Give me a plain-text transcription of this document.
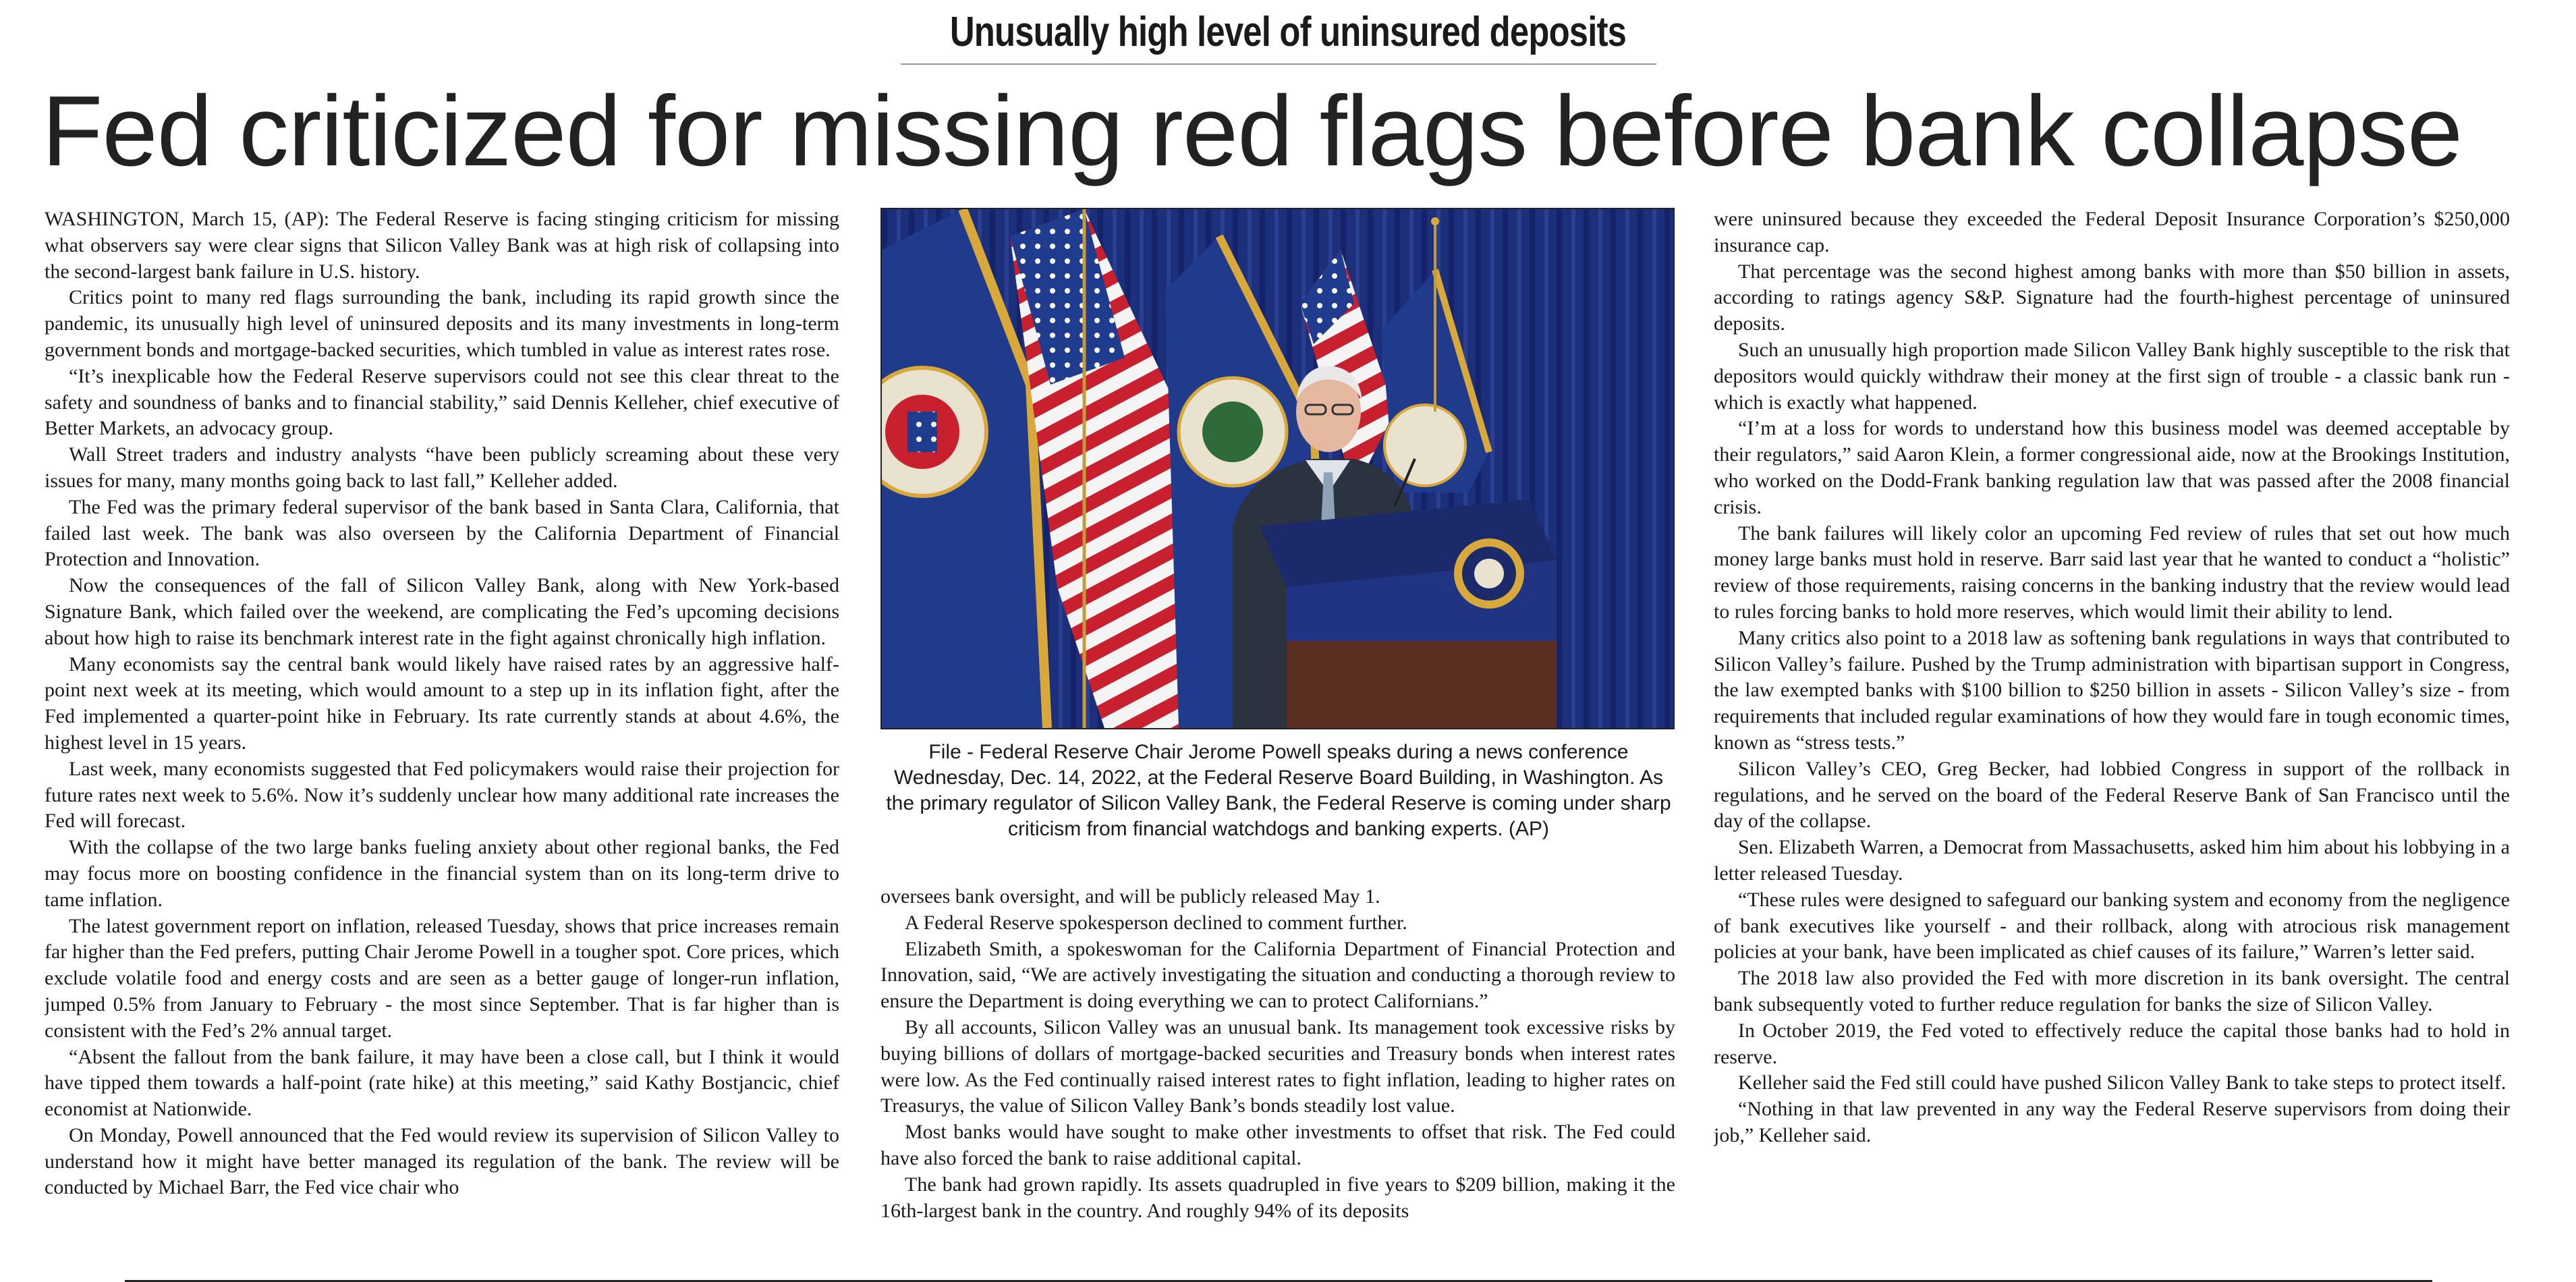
Unusually high level of uninsured deposits
Fed criticized for missing red flags before bank collapse

WASHINGTON, March 15, (AP): The Federal Reserve is facing stinging criticism for missing what observers say were clear signs that Silicon Valley Bank was at high risk of collapsing into the second-largest bank failure in U.S. history.

Critics point to many red flags surrounding the bank, including its rapid growth since the pandemic, its unusually high level of uninsured deposits and its many investments in long-term government bonds and mortgage-backed securities, which tumbled in value as interest rates rose.

“It’s inexplicable how the Federal Reserve supervisors could not see this clear threat to the safety and soundness of banks and to financial stability,” said Dennis Kelleher, chief executive of Better Markets, an advocacy group.

Wall Street traders and industry analysts “have been publicly screaming about these very issues for many, many months going back to last fall,” Kelleher added.

The Fed was the primary federal supervisor of the bank based in Santa Clara, California, that failed last week. The bank was also overseen by the California Department of Financial Protection and Innovation.

Now the consequences of the fall of Silicon Valley Bank, along with New York-based Signature Bank, which failed over the weekend, are complicating the Fed’s upcoming decisions about how high to raise its benchmark interest rate in the fight against chronically high inflation.

Many economists say the central bank would likely have raised rates by an aggressive half-point next week at its meeting, which would amount to a step up in its inflation fight, after the Fed implemented a quarter-point hike in February. Its rate currently stands at about 4.6%, the highest level in 15 years.

Last week, many economists suggested that Fed policymakers would raise their projection for future rates next week to 5.6%. Now it’s suddenly unclear how many additional rate increases the Fed will forecast.

With the collapse of the two large banks fueling anxiety about other regional banks, the Fed may focus more on boosting confidence in the financial system than on its long-term drive to tame inflation.

The latest government report on inflation, released Tuesday, shows that price increases remain far higher than the Fed prefers, putting Chair Jerome Powell in a tougher spot. Core prices, which exclude volatile food and energy costs and are seen as a better gauge of longer-run inflation, jumped 0.5% from January to February - the most since September. That is far higher than is consistent with the Fed’s 2% annual target.

“Absent the fallout from the bank failure, it may have been a close call, but I think it would have tipped them towards a half-point (rate hike) at this meeting,” said Kathy Bostjancic, chief economist at Nationwide.

On Monday, Powell announced that the Fed would review its supervision of Silicon Valley to understand how it might have better managed its regulation of the bank. The review will be conducted by Michael Barr, the Fed vice chair who

File - Federal Reserve Chair Jerome Powell speaks during a news conference Wednesday, Dec. 14, 2022, at the Federal Reserve Board Building, in Washington. As the primary regulator of Silicon Valley Bank, the Federal Reserve is coming under sharp criticism from financial watchdogs and banking experts. (AP)

oversees bank oversight, and will be publicly released May 1.

A Federal Reserve spokesperson declined to comment further.

Elizabeth Smith, a spokeswoman for the California Department of Financial Protection and Innovation, said, “We are actively investigating the situation and conducting a thorough review to ensure the Department is doing everything we can to protect Californians.”

By all accounts, Silicon Valley was an unusual bank. Its management took excessive risks by buying billions of dollars of mortgage-backed securities and Treasury bonds when interest rates were low. As the Fed continually raised interest rates to fight inflation, leading to higher rates on Treasurys, the value of Silicon Valley Bank’s bonds steadily lost value.

Most banks would have sought to make other investments to offset that risk. The Fed could have also forced the bank to raise additional capital.

The bank had grown rapidly. Its assets quadrupled in five years to $209 billion, making it the 16th-largest bank in the country. And roughly 94% of its deposits

were uninsured because they exceeded the Federal Deposit Insurance Corporation’s $250,000 insurance cap.

That percentage was the second highest among banks with more than $50 billion in assets, according to ratings agency S&P. Signature had the fourth-highest percentage of uninsured deposits.

Such an unusually high proportion made Silicon Valley Bank highly susceptible to the risk that depositors would quickly withdraw their money at the first sign of trouble - a classic bank run - which is exactly what happened.

“I’m at a loss for words to understand how this business model was deemed acceptable by their regulators,” said Aaron Klein, a former congressional aide, now at the Brookings Institution, who worked on the Dodd-Frank banking regulation law that was passed after the 2008 financial crisis.

The bank failures will likely color an upcoming Fed review of rules that set out how much money large banks must hold in reserve. Barr said last year that he wanted to conduct a “holistic” review of those requirements, raising concerns in the banking industry that the review would lead to rules forcing banks to hold more reserves, which would limit their ability to lend.

Many critics also point to a 2018 law as softening bank regulations in ways that contributed to Silicon Valley’s failure. Pushed by the Trump administration with bipartisan support in Congress, the law exempted banks with $100 billion to $250 billion in assets - Silicon Valley’s size - from requirements that included regular examinations of how they would fare in tough economic times, known as “stress tests.”

Silicon Valley’s CEO, Greg Becker, had lobbied Congress in support of the rollback in regulations, and he served on the board of the Federal Reserve Bank of San Francisco until the day of the collapse.

Sen. Elizabeth Warren, a Democrat from Massachusetts, asked him him about his lobbying in a letter released Tuesday.

“These rules were designed to safeguard our banking system and economy from the negligence of bank executives like yourself - and their rollback, along with atrocious risk management policies at your bank, have been implicated as chief causes of its failure,” Warren’s letter said.

The 2018 law also provided the Fed with more discretion in its bank oversight. The central bank subsequently voted to further reduce regulation for banks the size of Silicon Valley.

In October 2019, the Fed voted to effectively reduce the capital those banks had to hold in reserve.

Kelleher said the Fed still could have pushed Silicon Valley Bank to take steps to protect itself.

“Nothing in that law prevented in any way the Federal Reserve supervisors from doing their job,” Kelleher said.
